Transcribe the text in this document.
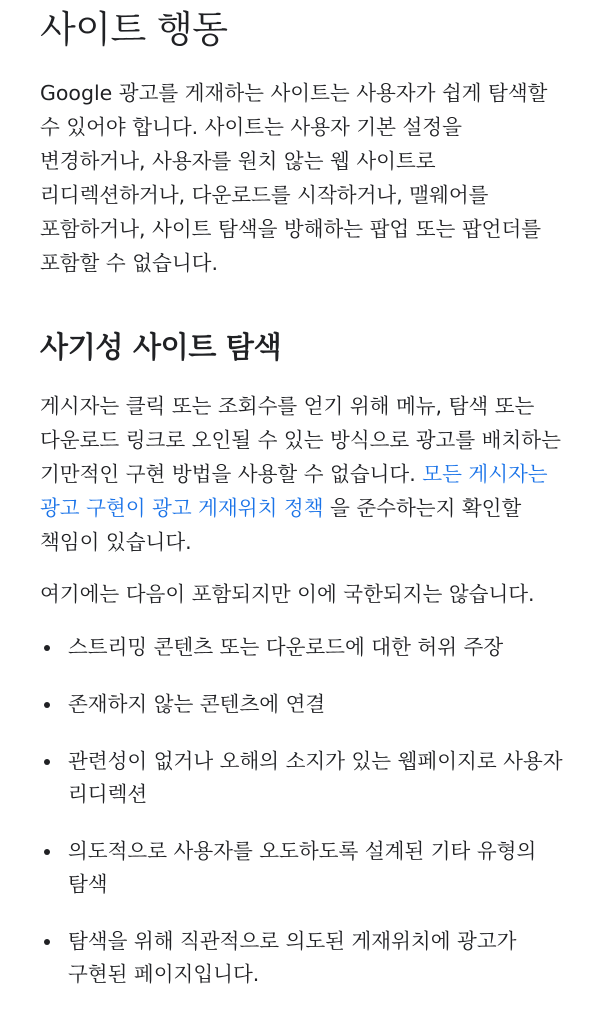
사이트 행동

Google 광고를 게재하는 사이트는 사용자가 쉽게 탐색할 수 있어야 합니다. 사이트는 사용자 기본 설정을 변경하거나, 사용자를 원치 않는 웹 사이트로 리디렉션하거나, 다운로드를 시작하거나, 맬웨어를 포함하거나, 사이트 탐색을 방해하는 팝업 또는 팝언더를 포함할 수 없습니다.

사기성 사이트 탐색

게시자는 클릭 또는 조회수를 얻기 위해 메뉴, 탐색 또는 다운로드 링크로 오인될 수 있는 방식으로 광고를 배치하는 기만적인 구현 방법을 사용할 수 없습니다. 모든 게시자는 광고 구현이 광고 게재위치 정책 을 준수하는지 확인할 책임이 있습니다.

여기에는 다음이 포함되지만 이에 국한되지는 않습니다.

스트리밍 콘텐츠 또는 다운로드에 대한 허위 주장
존재하지 않는 콘텐츠에 연결
관련성이 없거나 오해의 소지가 있는 웹페이지로 사용자 리디렉션
의도적으로 사용자를 오도하도록 설계된 기타 유형의 탐색
탐색을 위해 직관적으로 의도된 게재위치에 광고가 구현된 페이지입니다.
